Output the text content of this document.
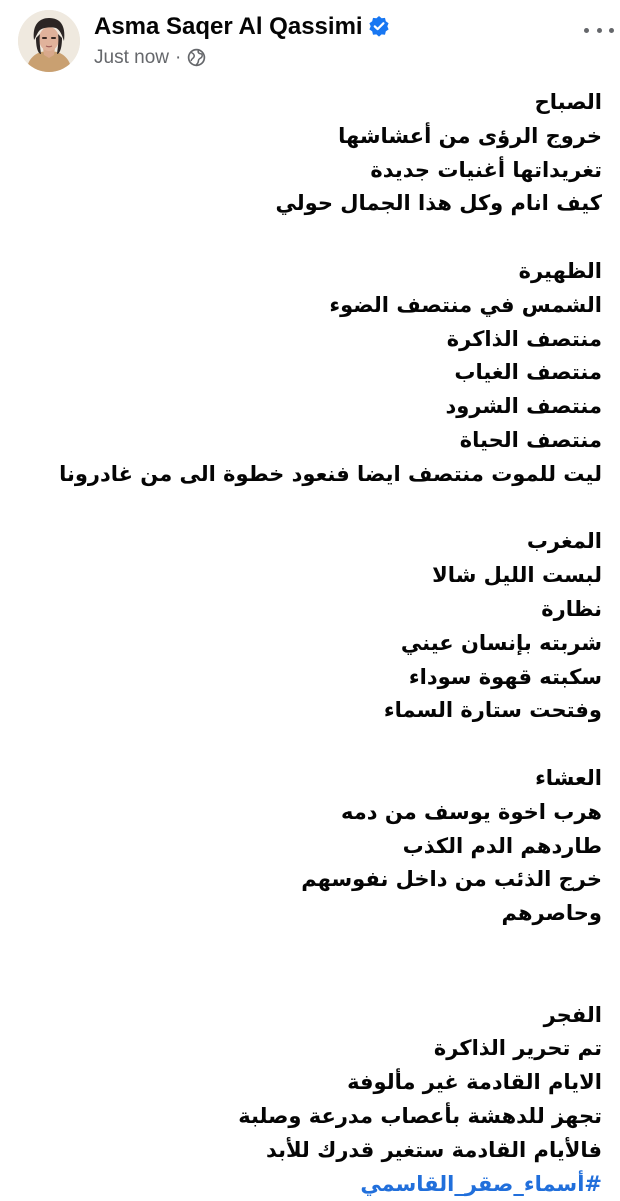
Asma Saqer Al Qassimi
Just now ·
الصباح
خروج الرؤى من أعشاشها
تغريداتها أغنيات جديدة
كيف انام وكل هذا الجمال حولي
الظهيرة
الشمس في منتصف الضوء
منتصف الذاكرة
منتصف الغياب
منتصف الشرود
منتصف الحياة
ليت للموت منتصف ايضا فنعود خطوة الى من غادرونا
المغرب
لبست الليل شالا
نظارة
شربته بإنسان عيني
سكبته قهوة سوداء
وفتحت ستارة السماء
العشاء
هرب اخوة يوسف من دمه
طاردهم الدم الكذب
خرج الذئب من داخل نفوسهم
وحاصرهم
الفجر
تم تحرير الذاكرة
الايام القادمة غير مألوفة
تجهز للدهشة بأعصاب مدرعة وصلبة
فالأيام القادمة ستغير قدرك للأبد
#أسماء_صقر_القاسمي
